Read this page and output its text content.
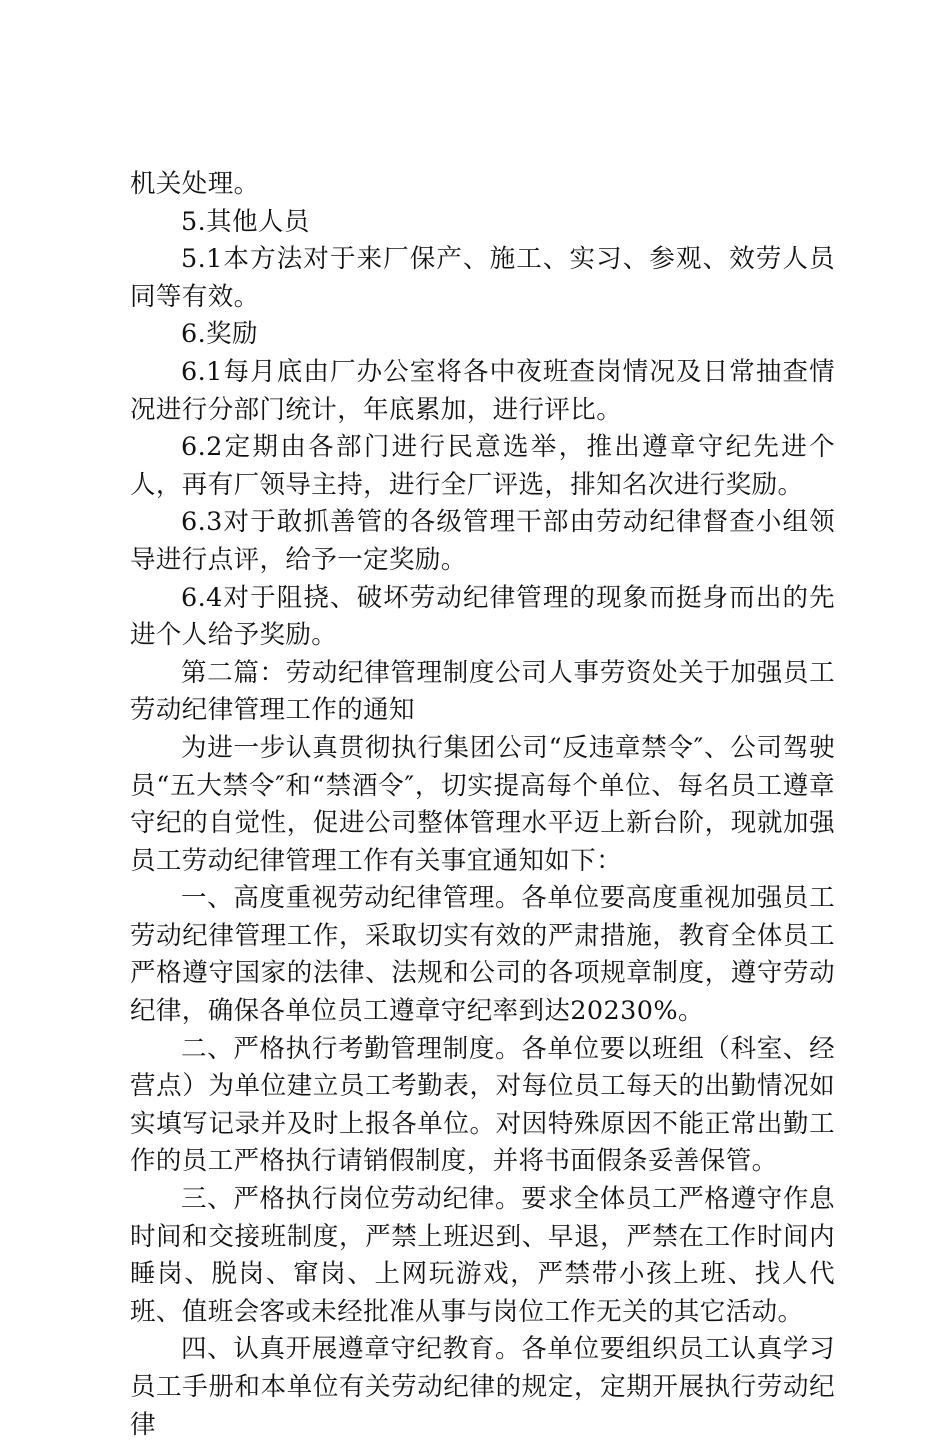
机关处理。

5.其他人员

5.1本方法对于来厂保产、施工、实习、参观、效劳人员同等有效。

6.奖励

6.1每月底由厂办公室将各中夜班查岗情况及日常抽查情况进行分部门统计，年底累加，进行评比。

6.2定期由各部门进行民意选举，推出遵章守纪先进个人，再有厂领导主持，进行全厂评选，排知名次进行奖励。

6.3对于敢抓善管的各级管理干部由劳动纪律督查小组领导进行点评，给予一定奖励。

6.4对于阻挠、破坏劳动纪律管理的现象而挺身而出的先进个人给予奖励。

第二篇：劳动纪律管理制度公司人事劳资处关于加强员工劳动纪律管理工作的通知

为进一步认真贯彻执行集团公司“反违章禁令″、公司驾驶员“五大禁令″和“禁酒令″，切实提高每个单位、每名员工遵章守纪的自觉性，促进公司整体管理水平迈上新台阶，现就加强员工劳动纪律管理工作有关事宜通知如下：

一、高度重视劳动纪律管理。各单位要高度重视加强员工劳动纪律管理工作，采取切实有效的严肃措施，教育全体员工严格遵守国家的法律、法规和公司的各项规章制度，遵守劳动纪律，确保各单位员工遵章守纪率到达20230%。

二、严格执行考勤管理制度。各单位要以班组（科室、经营点）为单位建立员工考勤表，对每位员工每天的出勤情况如实填写记录并及时上报各单位。对因特殊原因不能正常出勤工作的员工严格执行请销假制度，并将书面假条妥善保管。

三、严格执行岗位劳动纪律。要求全体员工严格遵守作息时间和交接班制度，严禁上班迟到、早退，严禁在工作时间内睡岗、脱岗、窜岗、上网玩游戏，严禁带小孩上班、找人代班、值班会客或未经批准从事与岗位工作无关的其它活动。

四、认真开展遵章守纪教育。各单位要组织员工认真学习员工手册和本单位有关劳动纪律的规定，定期开展执行劳动纪律
